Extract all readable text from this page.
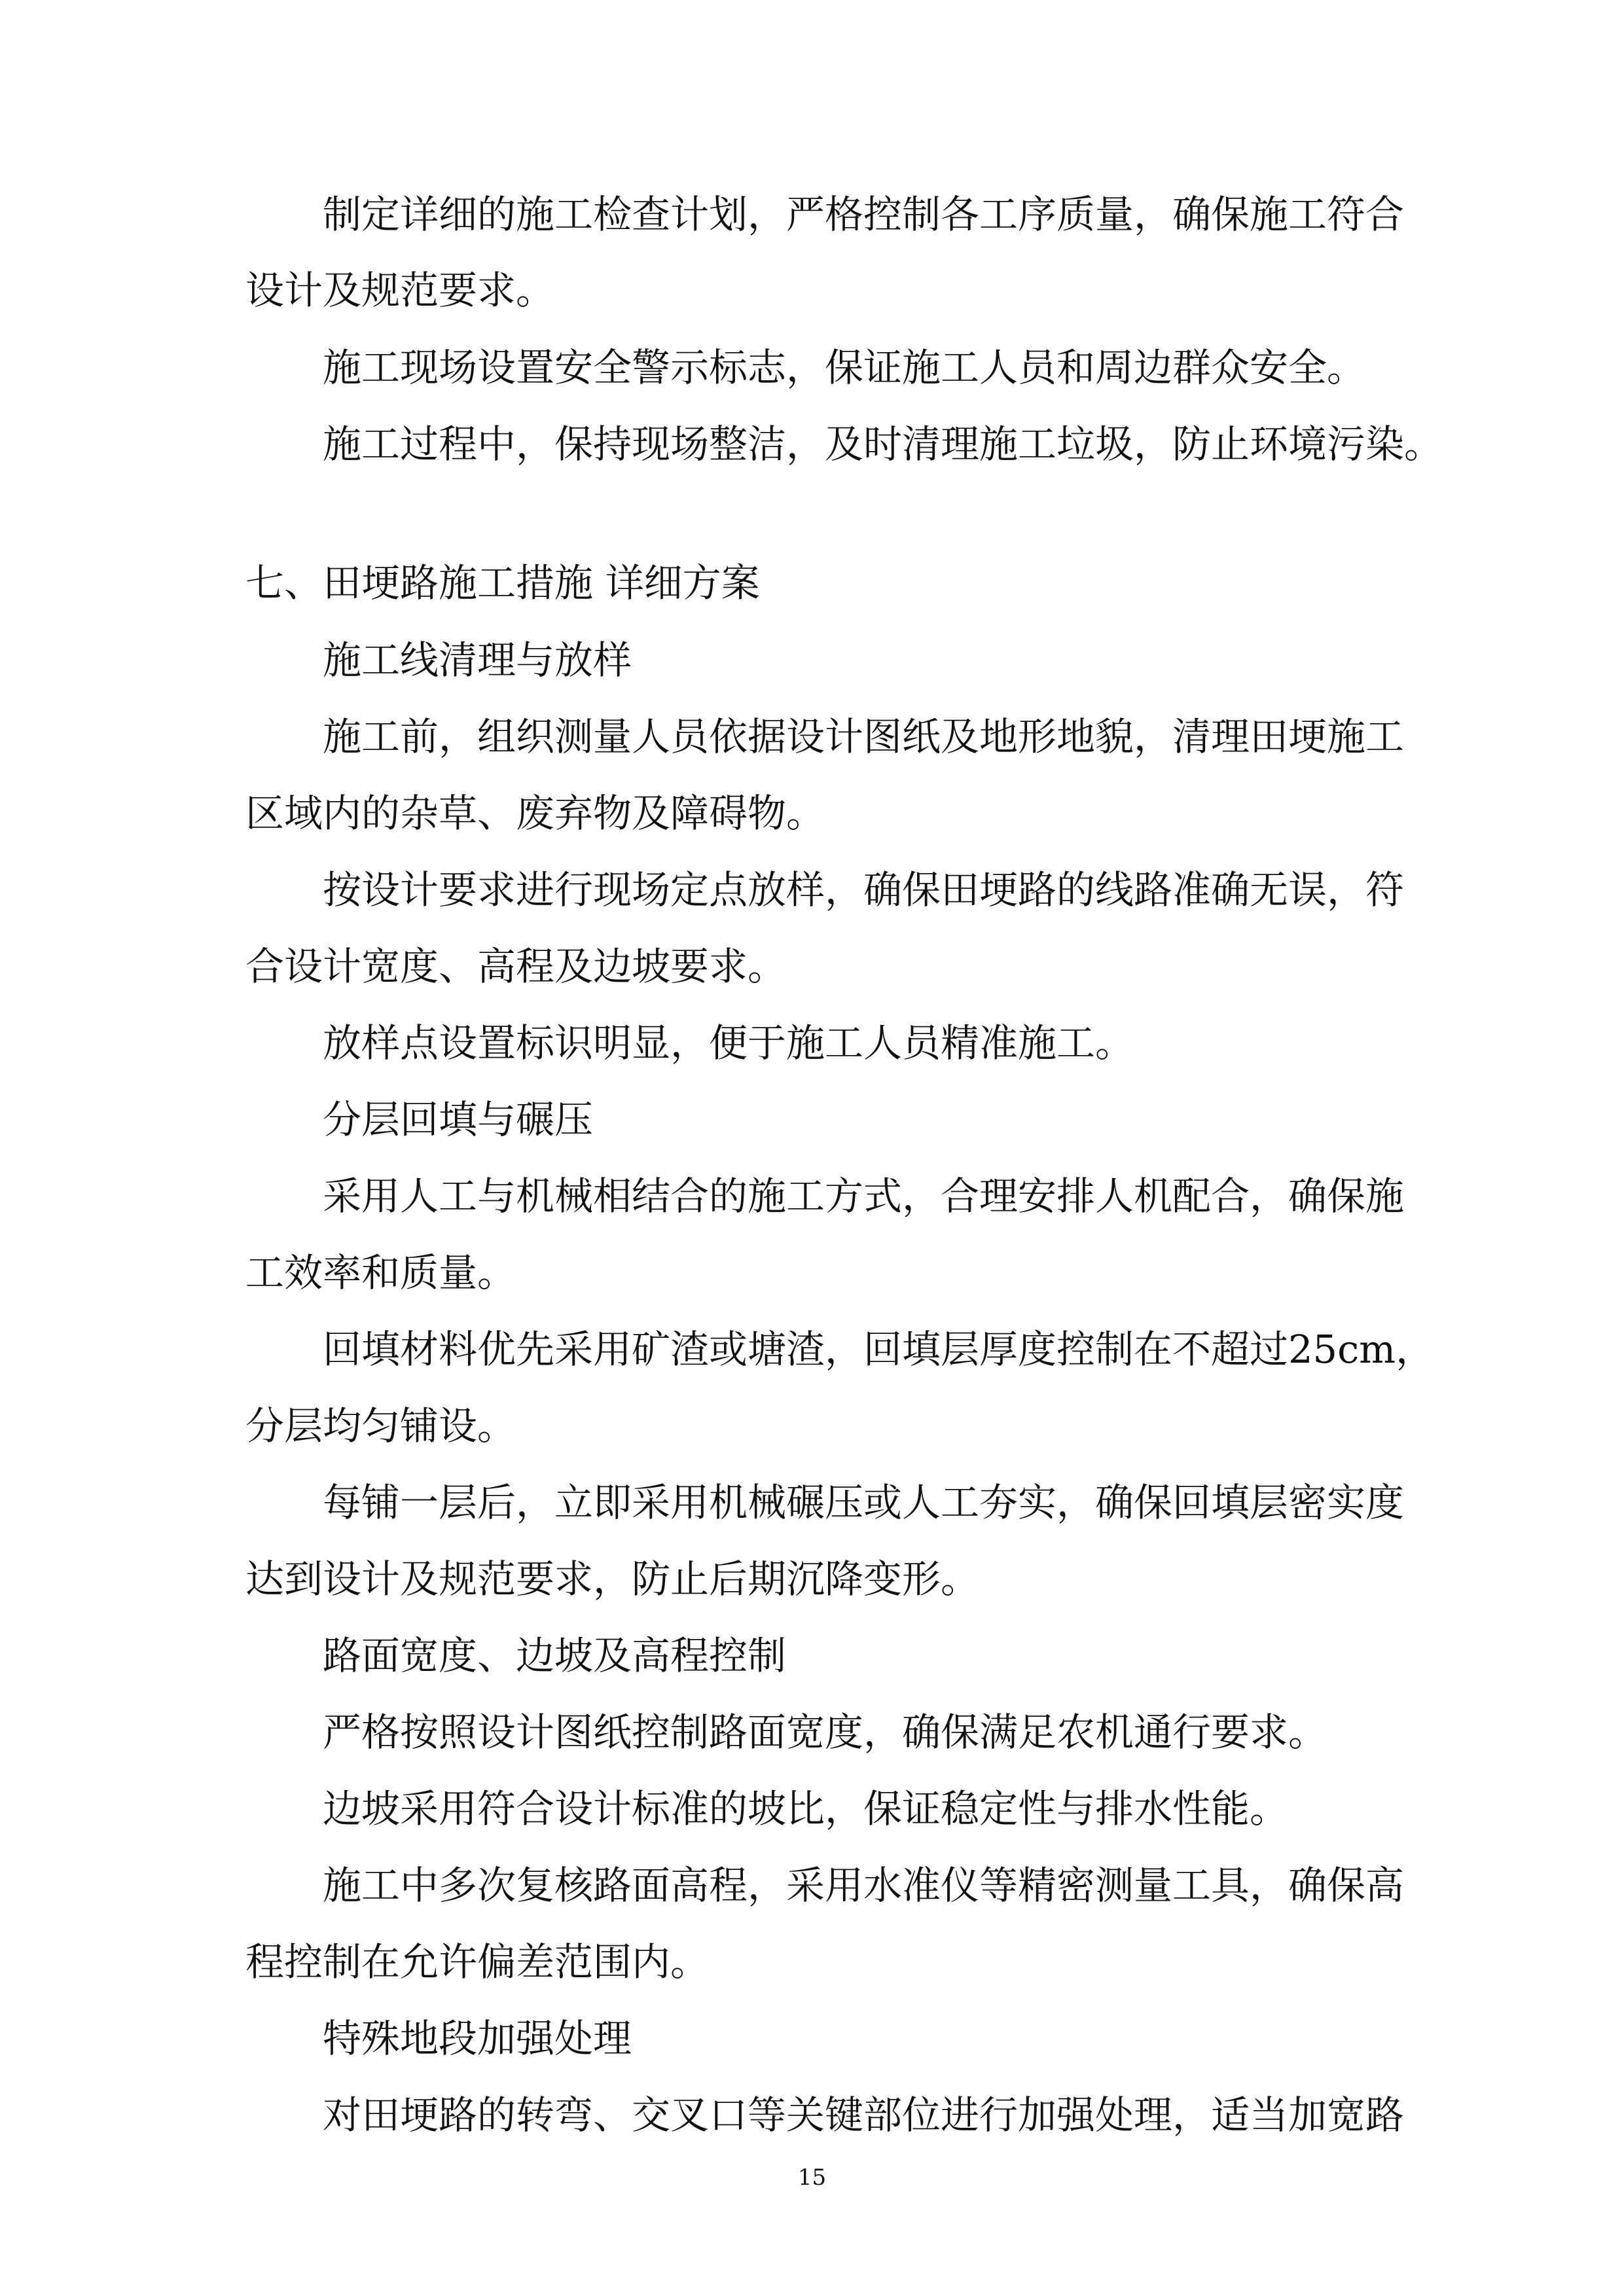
制定详细的施工检查计划，严格控制各工序质量，确保施工符合
设计及规范要求。
施工现场设置安全警示标志，保证施工人员和周边群众安全。
施工过程中，保持现场整洁，及时清理施工垃圾，防止环境污染。
七、田埂路施工措施 详细方案
施工线清理与放样
施工前，组织测量人员依据设计图纸及地形地貌，清理田埂施工
区域内的杂草、废弃物及障碍物。
按设计要求进行现场定点放样，确保田埂路的线路准确无误，符
合设计宽度、高程及边坡要求。
放样点设置标识明显，便于施工人员精准施工。
分层回填与碾压
采用人工与机械相结合的施工方式，合理安排人机配合，确保施
工效率和质量。
回填材料优先采用矿渣或塘渣，回填层厚度控制在不超过25cm，
分层均匀铺设。
每铺一层后，立即采用机械碾压或人工夯实，确保回填层密实度
达到设计及规范要求，防止后期沉降变形。
路面宽度、边坡及高程控制
严格按照设计图纸控制路面宽度，确保满足农机通行要求。
边坡采用符合设计标准的坡比，保证稳定性与排水性能。
施工中多次复核路面高程，采用水准仪等精密测量工具，确保高
程控制在允许偏差范围内。
特殊地段加强处理
对田埂路的转弯、交叉口等关键部位进行加强处理，适当加宽路
15
